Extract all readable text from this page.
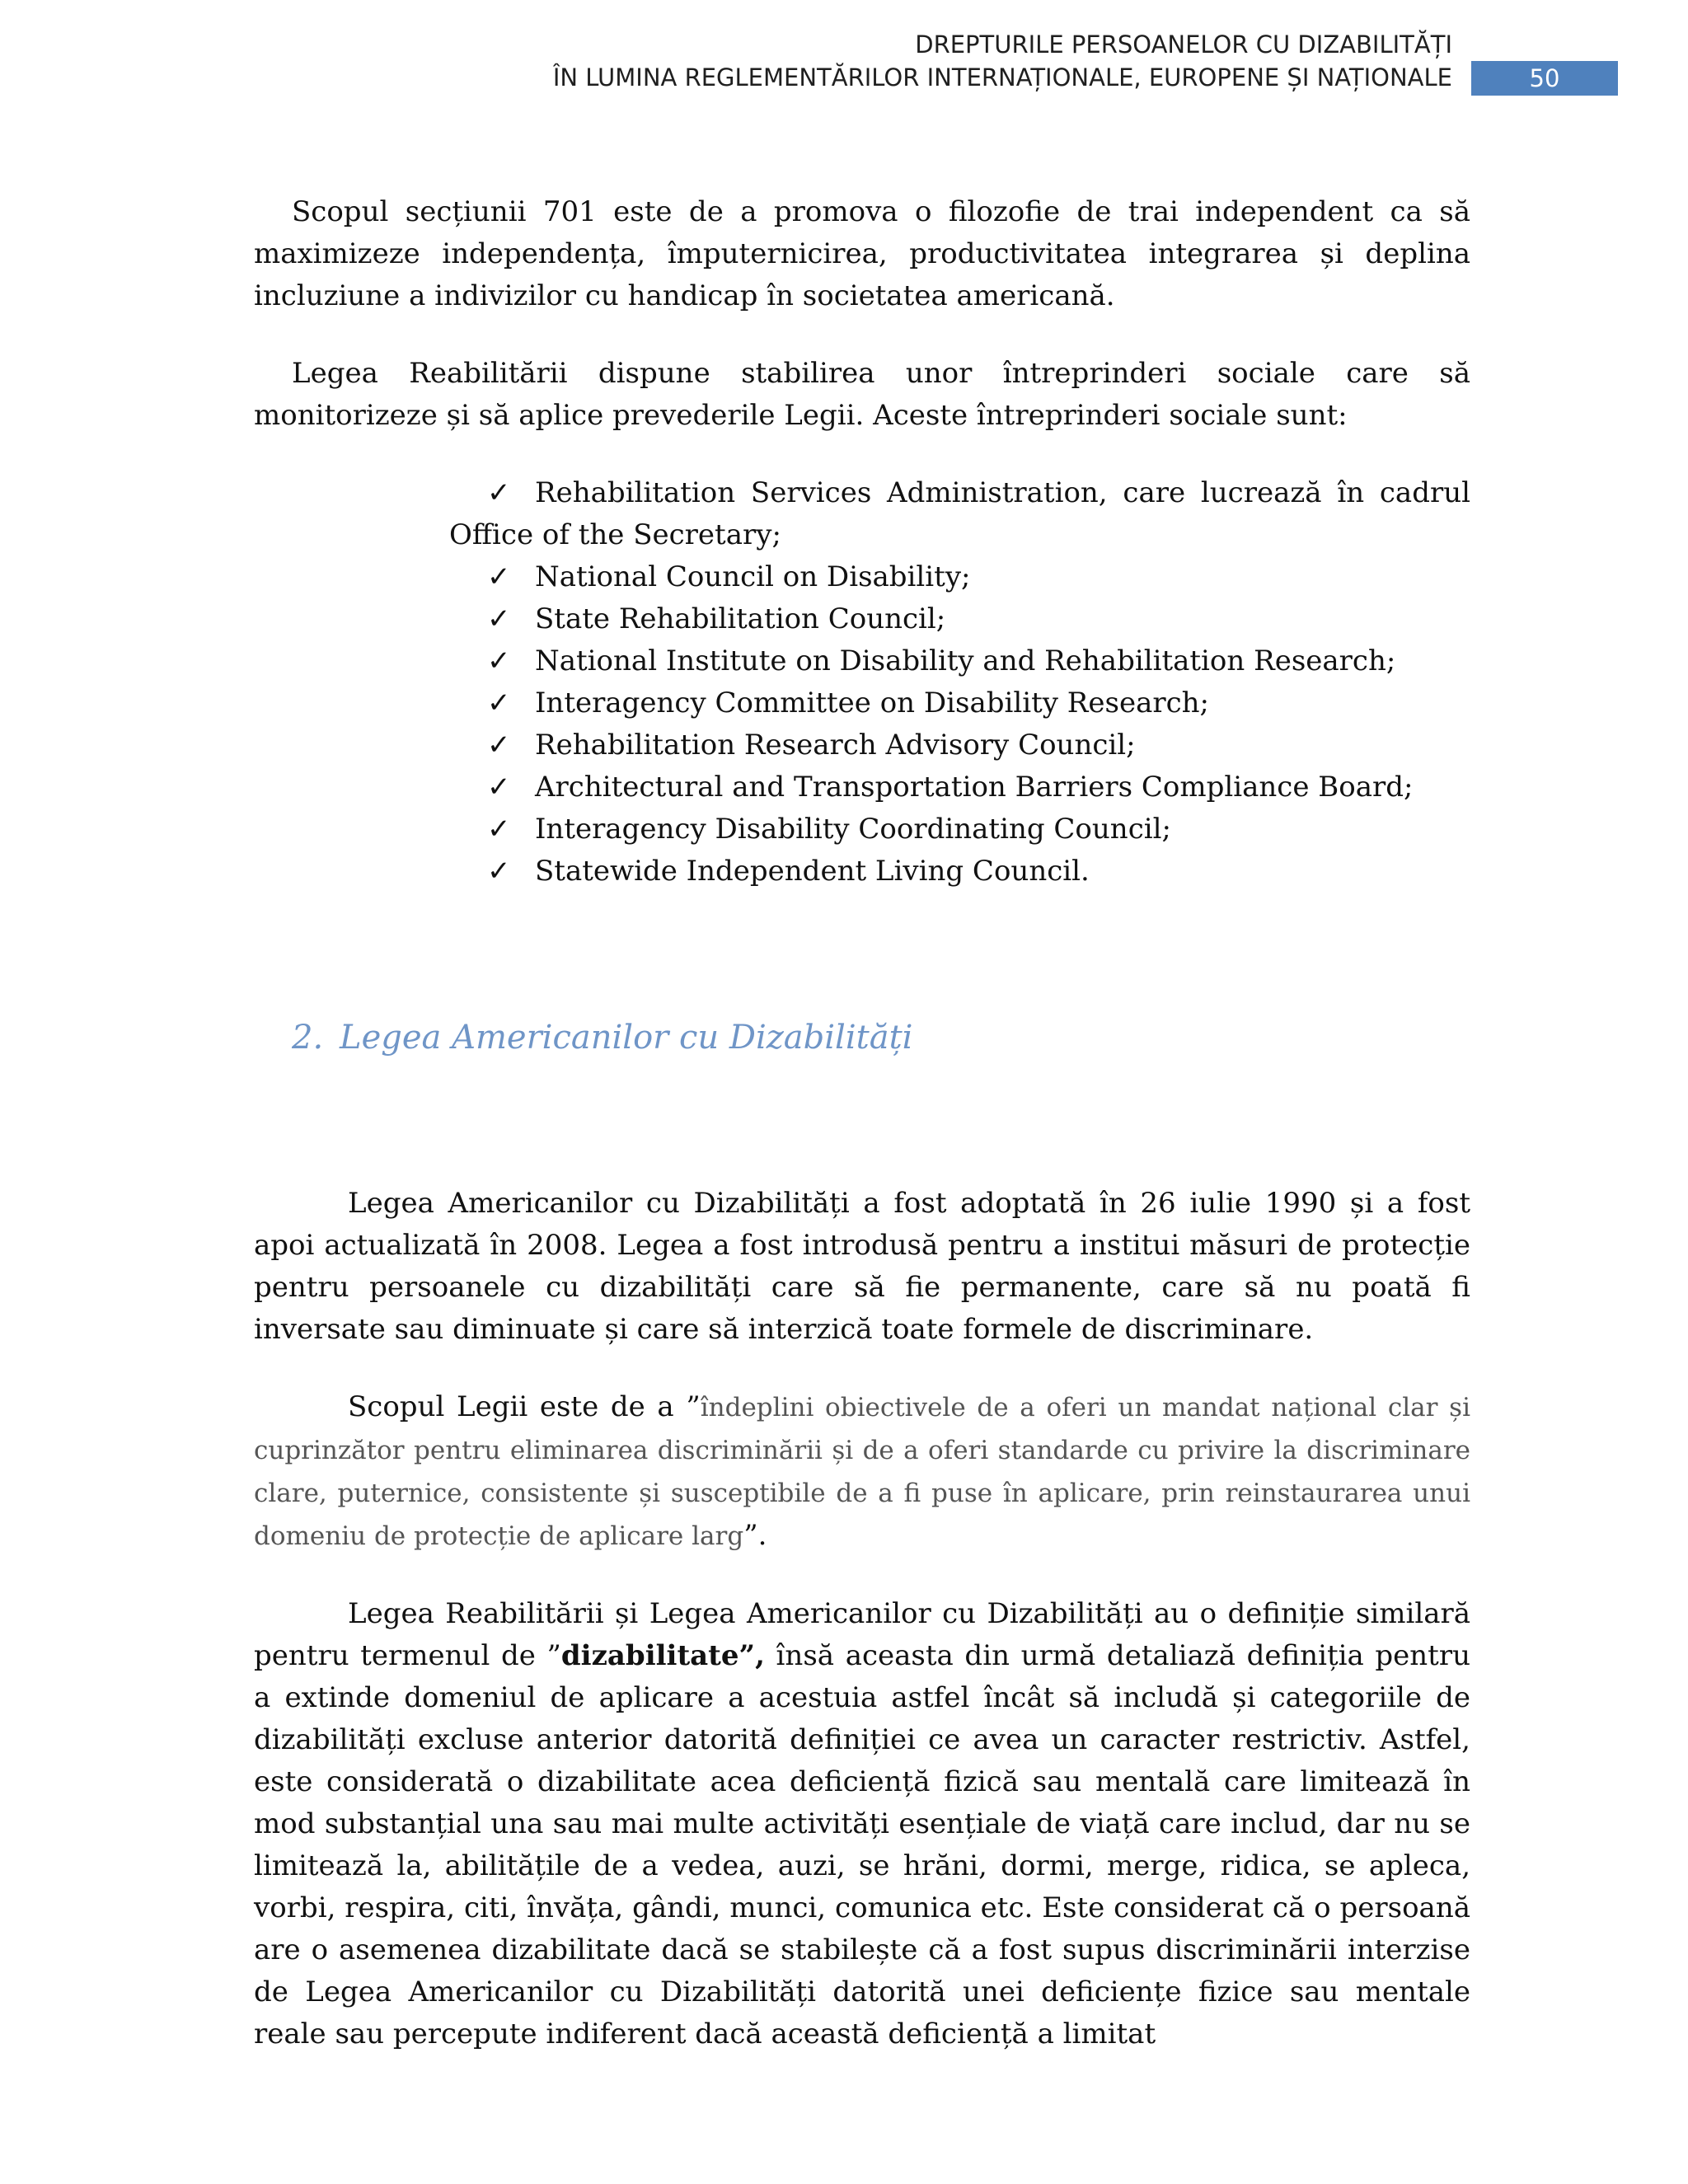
DREPTURILE PERSOANELOR CU DIZABILITĂȚI
ÎN LUMINA REGLEMENTĂRILOR INTERNAȚIONALE, EUROPENE ȘI NAȚIONALE	50

Scopul secțiunii 701 este de a promova o filozofie de trai independent ca să maximizeze independența, împuternicirea, productivitatea integrarea și deplina incluziune a indivizilor cu handicap în societatea americană.

Legea Reabilitării dispune stabilirea unor întreprinderi sociale care să monitorizeze și să aplice prevederile Legii. Aceste întreprinderi sociale sunt:

✓ Rehabilitation Services Administration, care lucrează în cadrul Office of the Secretary;
✓ National Council on Disability;
✓ State Rehabilitation Council;
✓ National Institute on Disability and Rehabilitation Research;
✓ Interagency Committee on Disability Research;
✓ Rehabilitation Research Advisory Council;
✓ Architectural and Transportation Barriers Compliance Board;
✓ Interagency Disability Coordinating Council;
✓ Statewide Independent Living Council.
2. Legea Americanilor cu Dizabilități

Legea Americanilor cu Dizabilități a fost adoptată în 26 iulie 1990 și a fost apoi actualizată în 2008. Legea a fost introdusă pentru a institui măsuri de protecție pentru persoanele cu dizabilități care să fie permanente, care să nu poată fi inversate sau diminuate și care să interzică toate formele de discriminare.

Scopul Legii este de a ”îndeplini obiectivele de a oferi un mandat național clar și cuprinzător pentru eliminarea discriminării și de a oferi standarde cu privire la discriminare clare, puternice, consistente și susceptibile de a fi puse în aplicare, prin reinstaurarea unui domeniu de protecție de aplicare larg”.

Legea Reabilitării și Legea Americanilor cu Dizabilități au o definiție similară pentru termenul de ”dizabilitate”, însă aceasta din urmă detaliază definiția pentru a extinde domeniul de aplicare a acestuia astfel încât să includă și categoriile de dizabilități excluse anterior datorită definiției ce avea un caracter restrictiv. Astfel, este considerată o dizabilitate acea deficiență fizică sau mentală care limitează în mod substanțial una sau mai multe activități esențiale de viață care includ, dar nu se limitează la, abilitățile de a vedea, auzi, se hrăni, dormi, merge, ridica, se apleca, vorbi, respira, citi, învăța, gândi, munci, comunica etc. Este considerat că o persoană are o asemenea dizabilitate dacă se stabilește că a fost supus discriminării interzise de Legea Americanilor cu Dizabilități datorită unei deficiențe fizice sau mentale reale sau percepute indiferent dacă această deficiență a limitat
